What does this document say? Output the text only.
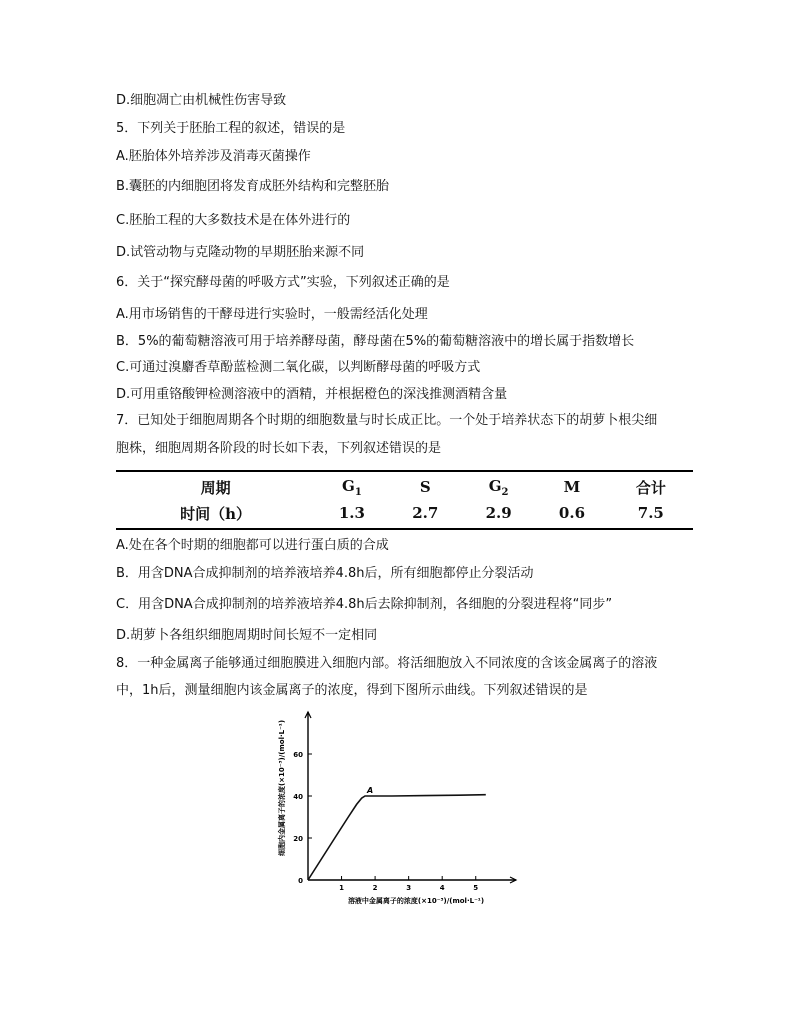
D.细胞凋亡由机械性伤害导致
5．下列关于胚胎工程的叙述，错误的是
A.胚胎体外培养涉及消毒灭菌操作
B.囊胚的内细胞团将发育成胚外结构和完整胚胎
C.胚胎工程的大多数技术是在体外进行的
D.试管动物与克隆动物的早期胚胎来源不同
6．关于“探究酵母菌的呼吸方式”实验，下列叙述正确的是
A.用市场销售的干酵母进行实验时，一般需经活化处理
B．5%的葡萄糖溶液可用于培养酵母菌，酵母菌在5%的葡萄糖溶液中的增长属于指数增长
C.可通过溴麝香草酚蓝检测二氧化碳，以判断酵母菌的呼吸方式
D.可用重铬酸钾检测溶液中的酒精，并根据橙色的深浅推测酒精含量
7．已知处于细胞周期各个时期的细胞数量与时长成正比。一个处于培养状态下的胡萝卜根尖细
胞株，细胞周期各阶段的时长如下表，下列叙述错误的是
周期	$G_1$	S	$G_2$	M	合计
时间（h）	1.3	2.7	2.9	0.6	7.5
A.处在各个时期的细胞都可以进行蛋白质的合成
B．用含DNA合成抑制剂的培养液培养4.8h后，所有细胞都停止分裂活动
C．用含DNA合成抑制剂的培养液培养4.8h后去除抑制剂，各细胞的分裂进程将“同步”
D.胡萝卜各组织细胞周期时间长短不一定相同
8．一种金属离子能够通过细胞膜进入细胞内部。将活细胞放入不同浓度的含该金属离子的溶液
中，1h后，测量细胞内该金属离子的浓度，得到下图所示曲线。下列叙述错误的是
0
20
40
60
1	2	3	4	5
A
溶液中金属离子的浓度(×10⁻³)/(mol·L⁻¹)
细胞内金属离子的浓度(×10⁻³)/(mol·L⁻¹)
